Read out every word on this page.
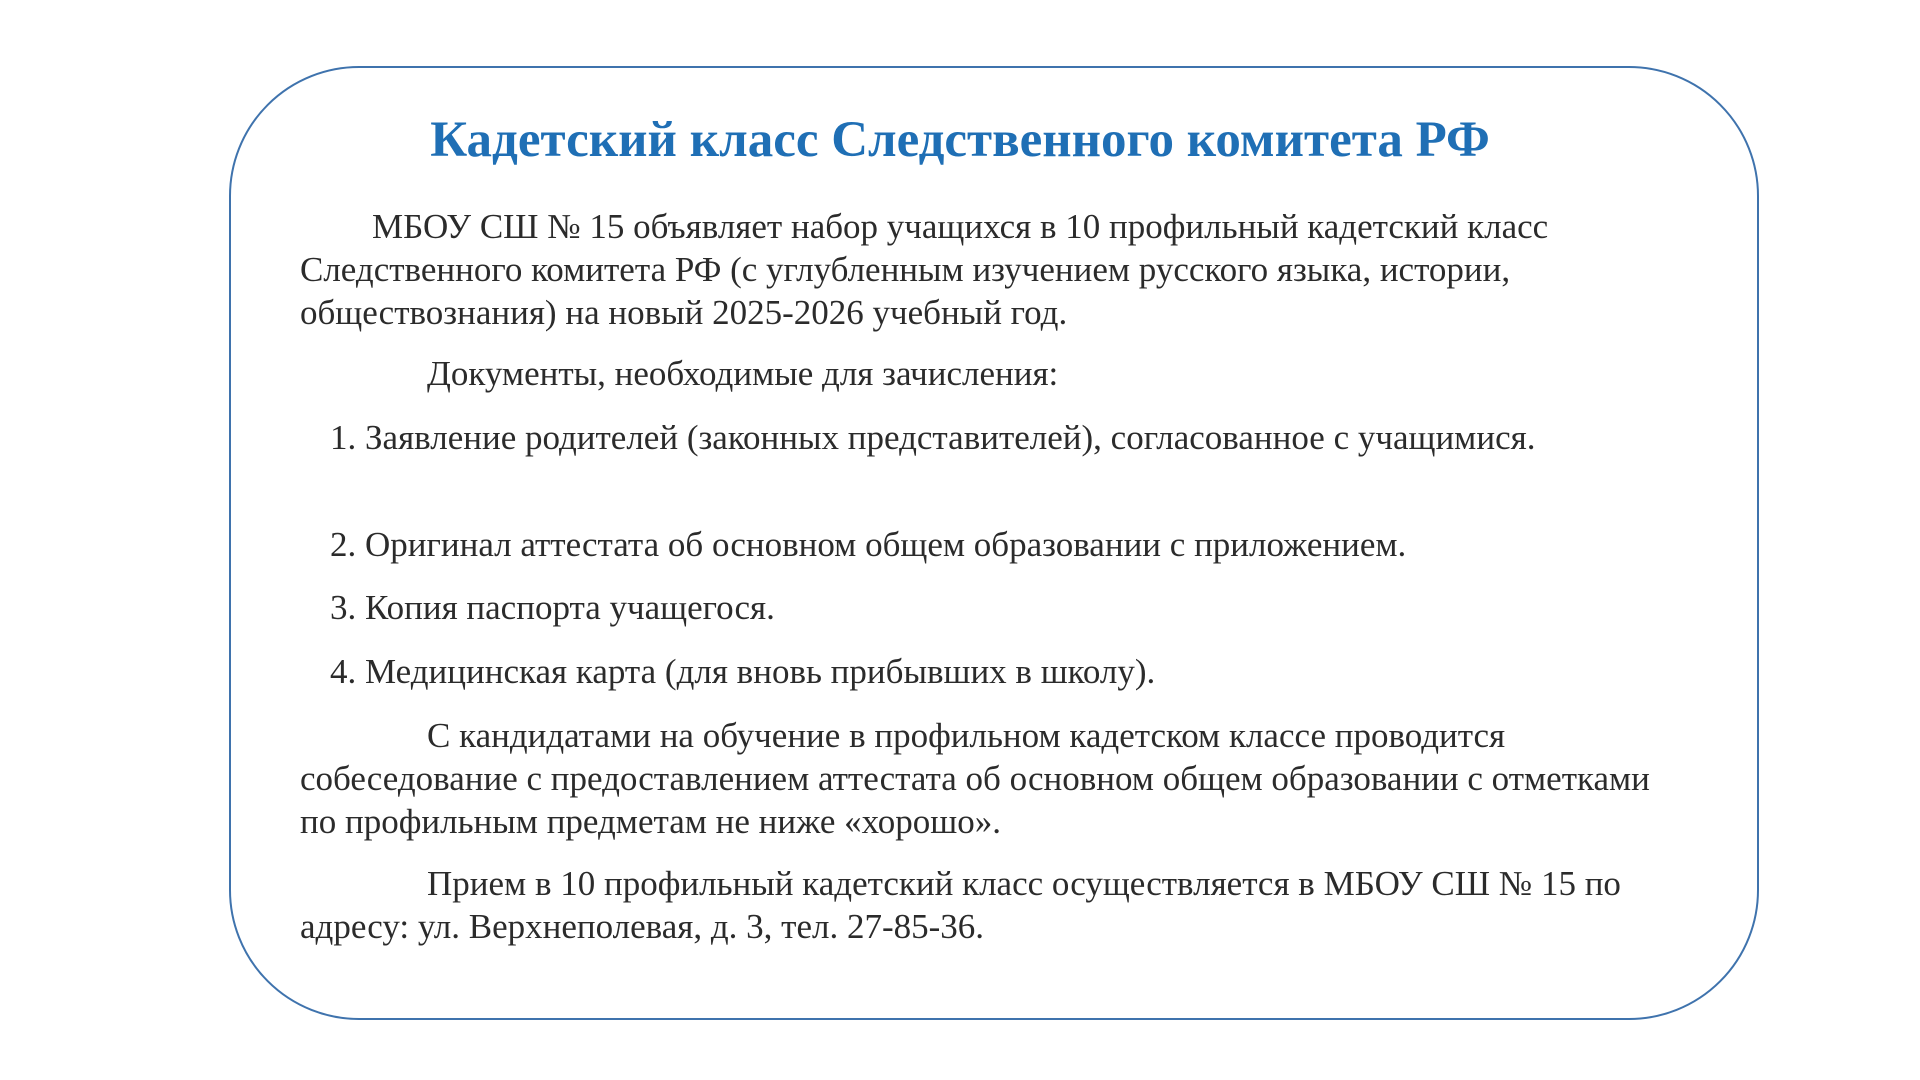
Кадетский класс Следственного комитета РФ

МБОУ СШ № 15 объявляет набор учащихся в 10 профильный кадетский класс Следственного комитета РФ (с углубленным изучением русского языка, истории, обществознания) на новый 2025-2026 учебный год.

Документы, необходимые для зачисления:

1. Заявление родителей (законных представителей), согласованное с учащимися.

2. Оригинал аттестата об основном общем образовании с приложением.

3. Копия паспорта учащегося.

4. Медицинская карта (для вновь прибывших в школу).

С кандидатами на обучение в профильном кадетском классе проводится собеседование с предоставлением аттестата об основном общем образовании с отметками по профильным предметам не ниже «хорошо».

Прием в 10 профильный кадетский класс осуществляется в МБОУ СШ № 15 по адресу: ул. Верхнеполевая, д. 3, тел. 27-85-36.
